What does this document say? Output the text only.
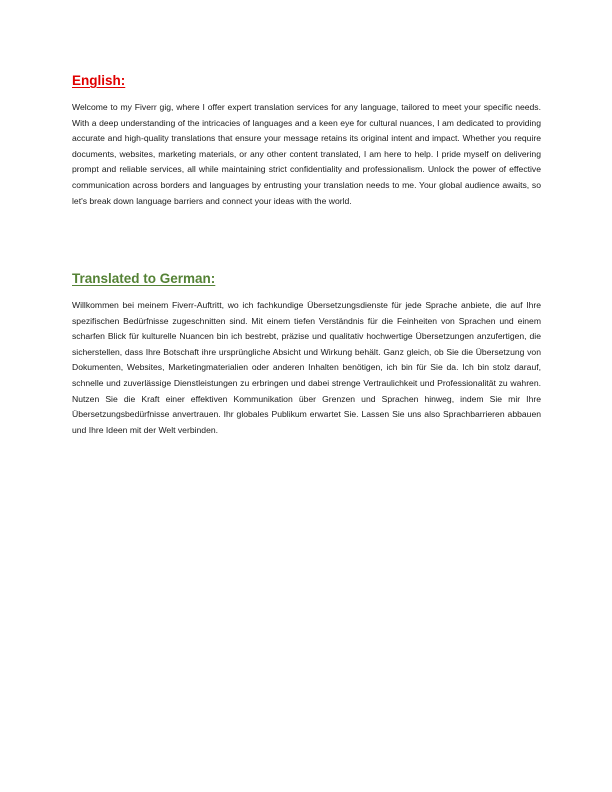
English:

Welcome to my Fiverr gig, where I offer expert translation services for any language, tailored to meet your specific needs. With a deep understanding of the intricacies of languages and a keen eye for cultural nuances, I am dedicated to providing accurate and high-quality translations that ensure your message retains its original intent and impact. Whether you require documents, websites, marketing materials, or any other content translated, I am here to help. I pride myself on delivering prompt and reliable services, all while maintaining strict confidentiality and professionalism. Unlock the power of effective communication across borders and languages by entrusting your translation needs to me. Your global audience awaits, so let's break down language barriers and connect your ideas with the world.

Translated to German:

Willkommen bei meinem Fiverr-Auftritt, wo ich fachkundige Übersetzungsdienste für jede Sprache anbiete, die auf Ihre spezifischen Bedürfnisse zugeschnitten sind. Mit einem tiefen Verständnis für die Feinheiten von Sprachen und einem scharfen Blick für kulturelle Nuancen bin ich bestrebt, präzise und qualitativ hochwertige Übersetzungen anzufertigen, die sicherstellen, dass Ihre Botschaft ihre ursprüngliche Absicht und Wirkung behält. Ganz gleich, ob Sie die Übersetzung von Dokumenten, Websites, Marketingmaterialien oder anderen Inhalten benötigen, ich bin für Sie da. Ich bin stolz darauf, schnelle und zuverlässige Dienstleistungen zu erbringen und dabei strenge Vertraulichkeit und Professionalität zu wahren. Nutzen Sie die Kraft einer effektiven Kommunikation über Grenzen und Sprachen hinweg, indem Sie mir Ihre Übersetzungsbedürfnisse anvertrauen. Ihr globales Publikum erwartet Sie. Lassen Sie uns also Sprachbarrieren abbauen und Ihre Ideen mit der Welt verbinden.
